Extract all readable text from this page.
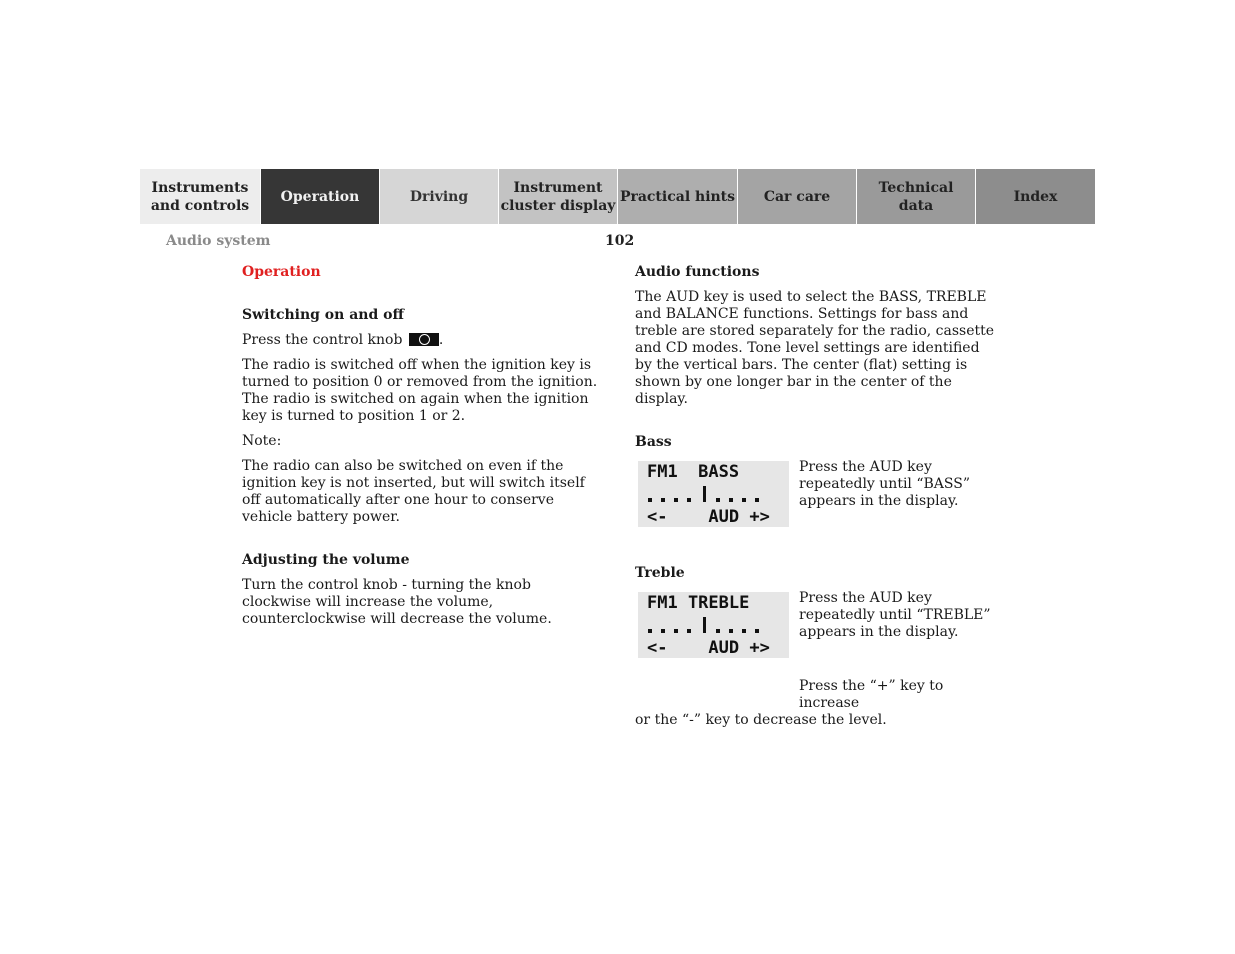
Instruments
and controls
Operation	Driving
Instrument
cluster display
Practical hints	Car care
Technical
data
Index
Audio system	102
Operation
Switching on and off

Press the control knob	.

The radio is switched off when the ignition key is turned to position 0 or removed from the ignition. The radio is switched on again when the ignition key is turned to position 1 or 2.

Note:

The radio can also be switched on even if the ignition key is not inserted, but will switch itself off automatically after one hour to conserve vehicle battery power.

Adjusting the volume

Turn the control knob - turning the knob clockwise will increase the volume, counterclockwise will decrease the volume.

Audio functions

The AUD key is used to select the BASS, TREBLE and BALANCE functions. Settings for bass and treble are stored separately for the radio, cassette and CD modes. Tone level settings are identified by the vertical bars. The center (flat) setting is shown by one longer bar in the center of the display.

Bass
FM1  BASS
<-    AUD +>
Press the AUD key repeatedly until “BASS” appears in the display.
Treble
FM1 TREBLE
<-    AUD +>
Press the AUD key repeatedly until “TREBLE” appears in the display.
Press the “+” key to increase
or the “-” key to decrease the level.
